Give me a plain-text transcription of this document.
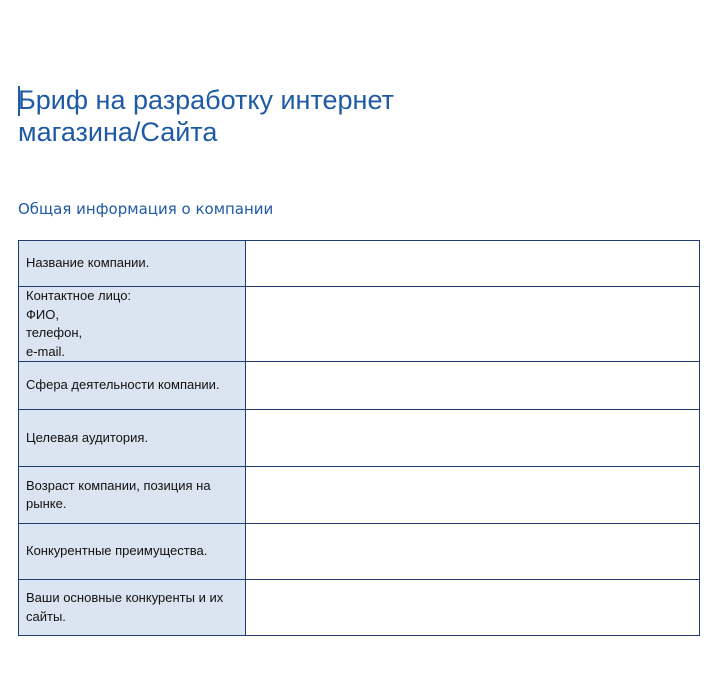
Бриф на разработку интернет
магазина/Сайта
Общая информация о компании
Название компании.	

Контактное лицо:
ФИО,
телефон,
e-mail.	

Сфера деятельности компании.	

Целевая аудитория.	

Возраст компании, позиция на
рынке.	

Конкурентные преимущества.	

Ваши основные конкуренты и их
сайты.	
